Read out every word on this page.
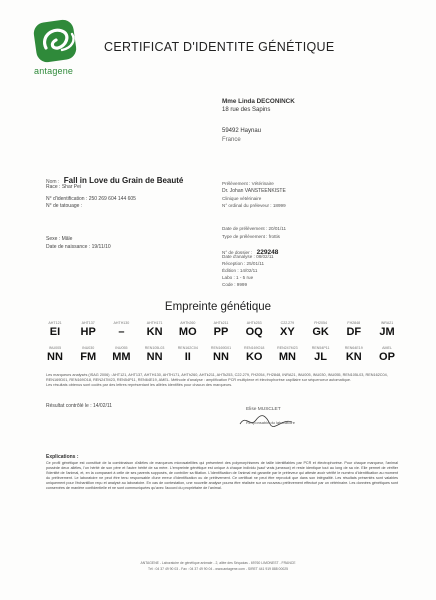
antagene
CERTIFICAT D'IDENTITE GÉNÉTIQUE
Mme Linda DECONINCK
18 rue des Sapins
59492 Haynau
France
Nom : Fall in Love du Grain de Beauté
Race : Shar Pei
N° d'identification : 250 269 604 144 605
N° de tatouage :
Sexe : Mâle
Date de naissance : 19/11/10
Prélèvement : Vétérinaire
Dr. Johan VANSTEENKISTE
Clinique vétérinaire
N° ordinal du préleveur : 18999
Date de prélèvement : 20/01/11
Type de prélèvement : frottis
N° de dossier : 229248
Date d'analyse : 08/02/11
Réception : 25/01/11
Édition : 14/02/11
Labo : 1 - 5 rue
Code : 9999
Empreinte génétique
AHT121
EI
AHT137
HP
AHTH130
–
AHTH171
KN
AHTh260
MO
AHTk211
PP
AHTk253
OQ
C22.279
XY
FH2054
GK
FH2848
DF
INRA21
JM
INU005
NN
INU030
FM
INU055
MM
REN105L03
NN
REN162C04
II
REN169D01
NN
REN169O18
KO
REN247M23
MN
REN54P11
JL
REN64E19
KN
AMEL
OP
Les marqueurs analysés (ISAG 2006) : AHT121, AHT137, AHTH130, AHTH171, AHTh260, AHTk211, AHTk253, C22.279, FH2054, FH2848, INRA21, INU005, INU030, INU055, REN105L03, REN162C04,
REN169D01, REN169O18, REN247M23, REN54P11, REN64E19, AMEL. Méthode d'analyse : amplification PCR multiplexe et électrophorèse capillaire sur séquenceur automatique.
Les résultats obtenus sont codés par des lettres représentant les allèles identifiés pour chacun des marqueurs.
Résultat contrôlé le : 14/02/11
Elise MUSCLET
Responsable du laboratoire
Explications :
Ce profil génétique est constitué de la combinaison d'allèles de marqueurs microsatellites qui présentent des polymorphismes de taille identifiables par PCR et électrophorèse. Pour chaque marqueur, l'animal possède deux allèles, l'un hérité de son père et l'autre hérité de sa mère. L'empreinte génétique est unique à chaque individu (sauf vrais jumeaux) et reste identique tout au long de sa vie. Elle permet de vérifier l'identité de l'animal, et, en la comparant à celle de ses parents supposés, de contrôler sa filiation. L'identification de l'animal est garantie par le préleveur qui atteste avoir vérifié le numéro d'identification au moment du prélèvement. Le laboratoire ne peut être tenu responsable d'une erreur d'identification ou de prélèvement. Ce certificat ne peut être reproduit que dans son intégralité. Les résultats présentés sont valables uniquement pour l'échantillon reçu et analysé au laboratoire. En cas de contestation, une nouvelle analyse pourra être réalisée sur un nouveau prélèvement effectué par un vétérinaire. Les données génétiques sont conservées de manière confidentielle et ne sont communiquées qu'avec l'accord du propriétaire de l'animal.
ANTAGENE - Laboratoire de génétique animale - 2, allée des Séquoias - 69760 LIMONEST - FRANCE
Tél : 04 37 49 90 03 - Fax : 04 37 49 90 04 - www.antagene.com - SIRET 441 919 888 00025
